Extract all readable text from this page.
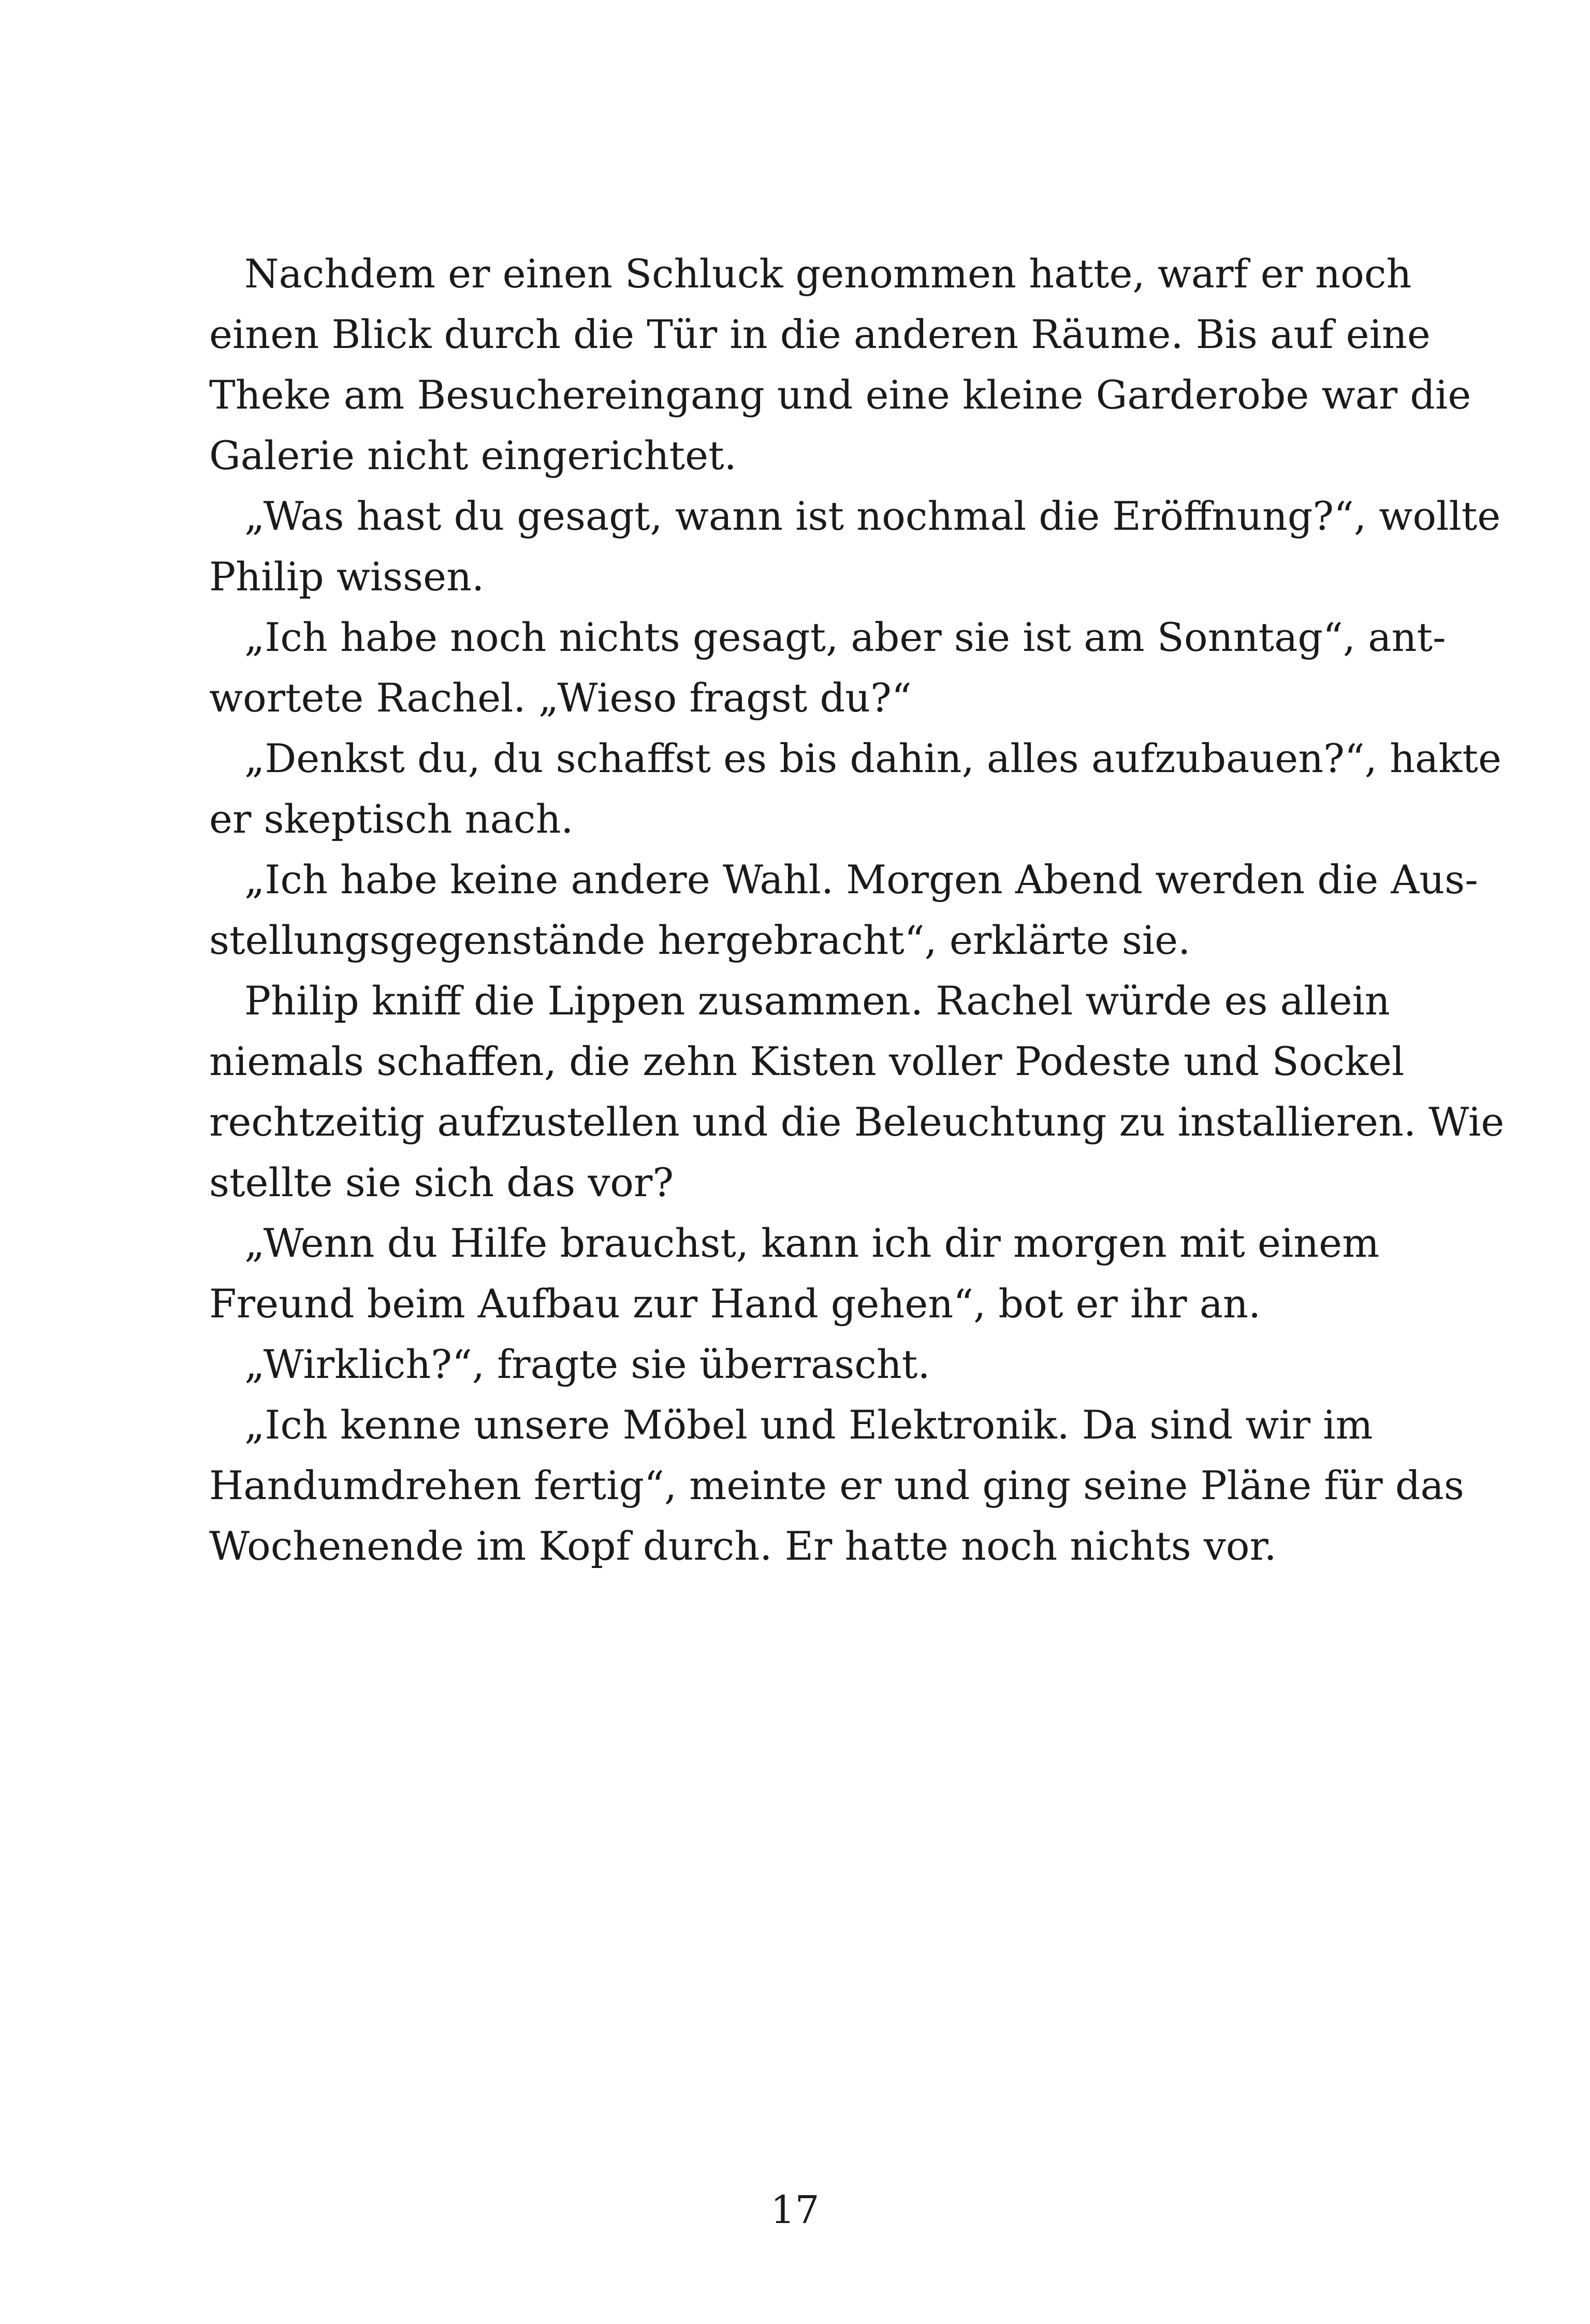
Nachdem er einen Schluck genommen hatte, warf er noch
einen Blick durch die Tür in die anderen Räume. Bis auf eine
Theke am Besuchereingang und eine kleine Garderobe war die
Galerie nicht eingerichtet.
„Was hast du gesagt, wann ist nochmal die Eröffnung?“, wollte
Philip wissen.
„Ich habe noch nichts gesagt, aber sie ist am Sonntag“, ant-
wortete Rachel. „Wieso fragst du?“
„Denkst du, du schaffst es bis dahin, alles aufzubauen?“, hakte
er skeptisch nach.
„Ich habe keine andere Wahl. Morgen Abend werden die Aus-
stellungsgegenstände hergebracht“, erklärte sie.
Philip kniff die Lippen zusammen. Rachel würde es allein
niemals schaffen, die zehn Kisten voller Podeste und Sockel
rechtzeitig aufzustellen und die Beleuchtung zu installieren. Wie
stellte sie sich das vor?
„Wenn du Hilfe brauchst, kann ich dir morgen mit einem
Freund beim Aufbau zur Hand gehen“, bot er ihr an.
„Wirklich?“, fragte sie überrascht.
„Ich kenne unsere Möbel und Elektronik. Da sind wir im
Handumdrehen fertig“, meinte er und ging seine Pläne für das
Wochenende im Kopf durch. Er hatte noch nichts vor.
17
